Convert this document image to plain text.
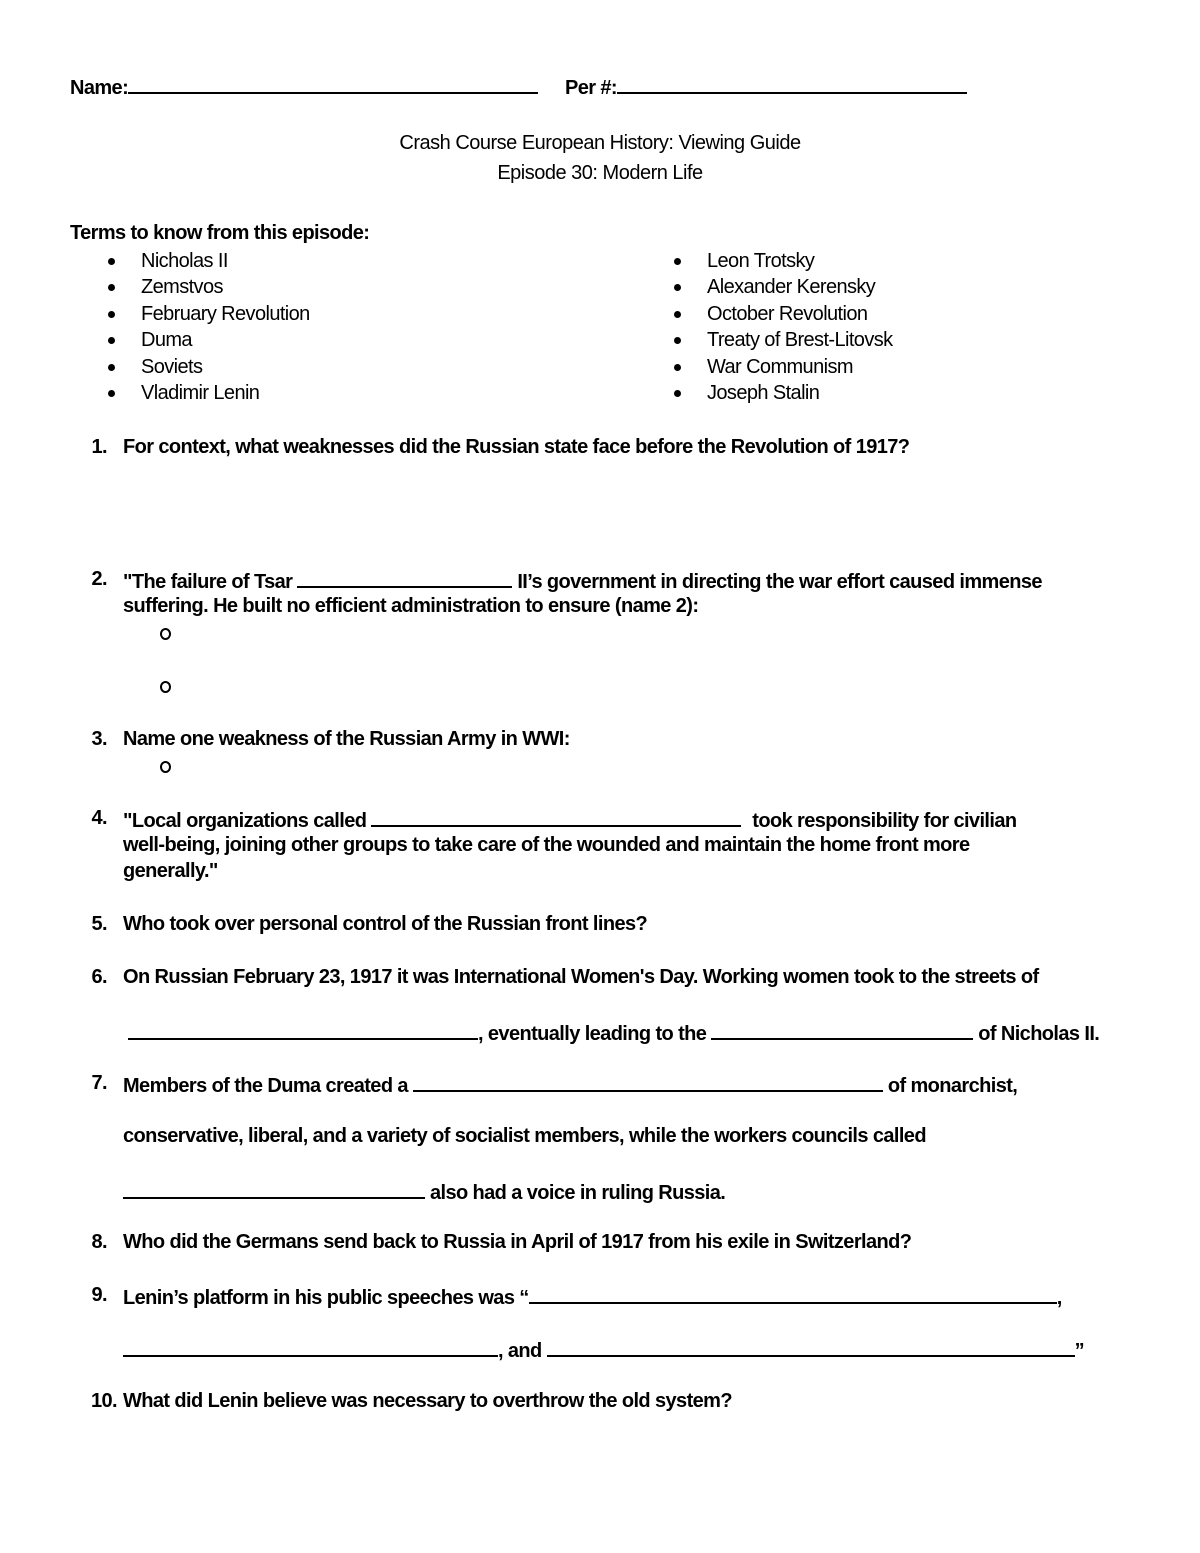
Name:	Per #:
Crash Course European History: Viewing Guide
Episode 30: Modern Life
Terms to know from this episode:
Nicholas II
Zemstvos
February Revolution
Duma
Soviets
Vladimir Lenin
Leon Trotsky
Alexander Kerensky
October Revolution
Treaty of Brest-Litovsk
War Communism
Joseph Stalin
1. For context, what weaknesses did the Russian state face before the Revolution of 1917?
2. "The failure of Tsar	II’s government in directing the war effort caused immense
suffering. He built no efficient administration to ensure (name 2):
3. Name one weakness of the Russian Army in WWI:
4. "Local organizations called	took responsibility for civilian
well-being, joining other groups to take care of the wounded and maintain the home front more
generally."
5. Who took over personal control of the Russian front lines?
6. On Russian February 23, 1917 it was International Women's Day. Working women took to the streets of
, eventually leading to the	of Nicholas II.
7. Members of the Duma created a	of monarchist,
conservative, liberal, and a variety of socialist members, while the workers councils called
also had a voice in ruling Russia.
8. Who did the Germans send back to Russia in April of 1917 from his exile in Switzerland?
9. Lenin’s platform in his public speeches was “	,
, and	”
10. What did Lenin believe was necessary to overthrow the old system?
